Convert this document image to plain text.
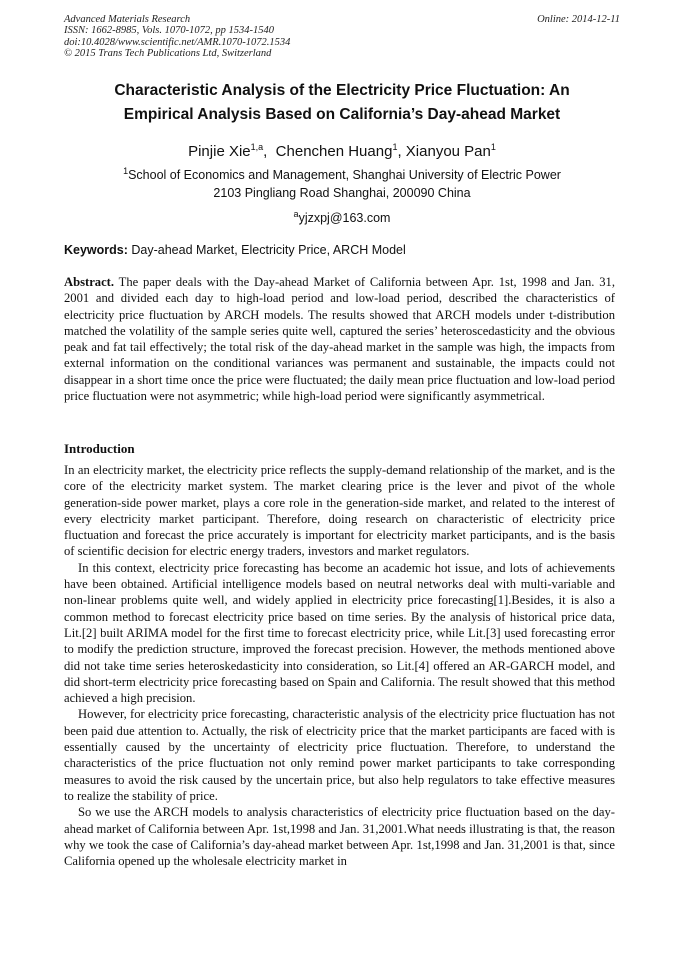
Advanced Materials Research
ISSN: 1662-8985, Vols. 1070-1072, pp 1534-1540
doi:10.4028/www.scientific.net/AMR.1070-1072.1534
© 2015 Trans Tech Publications Ltd, Switzerland
Online: 2014-12-11
Characteristic Analysis of the Electricity Price Fluctuation: An
Empirical Analysis Based on California’s Day-ahead Market
Pinjie Xie$^{1,a}$,  Chenchen Huang$^1$, Xianyou Pan$^1$
$^1$School of Economics and Management, Shanghai University of Electric Power
2103 Pingliang Road Shanghai, 200090 China
$^a$yjzxpj@163.com
Keywords: Day-ahead Market, Electricity Price, ARCH Model

Abstract. The paper deals with the Day-ahead Market of California between Apr. 1st, 1998 and Jan. 31, 2001 and divided each day to high-load period and low-load period, described the characteristics of electricity price fluctuation by ARCH models. The results showed that ARCH models under t-distribution matched the volatility of the sample series quite well, captured the series’ heteroscedasticity and the obvious peak and fat tail effectively; the total risk of the day-ahead market in the sample was high, the impacts from external information on the conditional variances was permanent and sustainable, the impacts could not disappear in a short time once the price were fluctuated; the daily mean price fluctuation and low-load period price fluctuation were not asymmetric; while high-load period were significantly asymmetrical.

Introduction

In an electricity market, the electricity price reflects the supply-demand relationship of the market, and is the core of the electricity market system. The market clearing price is the lever and pivot of the whole generation-side power market, plays a core role in the generation-side market, and related to the interest of every electricity market participant. Therefore, doing research on characteristic of electricity price fluctuation and forecast the price accurately is important for electricity market participants, and is the basis of scientific decision for electric energy traders, investors and market regulators.

In this context, electricity price forecasting has become an academic hot issue, and lots of achievements have been obtained. Artificial intelligence models based on neutral networks deal with multi-variable and non-linear problems quite well, and widely applied in electricity price forecasting[1].Besides, it is also a common method to forecast electricity price based on time series. By the analysis of historical price data, Lit.[2] built ARIMA model for the first time to forecast electricity price, while Lit.[3] used forecasting error to modify the prediction structure, improved the forecast precision. However, the methods mentioned above did not take time series heteroskedasticity into consideration, so Lit.[4] offered an AR-GARCH model, and did short-term electricity price forecasting based on Spain and California. The result showed that this method achieved a high precision.

However, for electricity price forecasting, characteristic analysis of the electricity price fluctuation has not been paid due attention to. Actually, the risk of electricity price that the market participants are faced with is essentially caused by the uncertainty of electricity price fluctuation. Therefore, to understand the characteristics of the price fluctuation not only remind power market participants to take corresponding measures to avoid the risk caused by the uncertain price, but also help regulators to take effective measures to realize the stability of price.

So we use the ARCH models to analysis characteristics of electricity price fluctuation based on the day-ahead market of California between Apr. 1st,1998 and Jan. 31,2001.What needs illustrating is that, the reason why we took the case of California’s day-ahead market between Apr. 1st,1998 and Jan. 31,2001 is that, since California opened up the wholesale electricity market in
